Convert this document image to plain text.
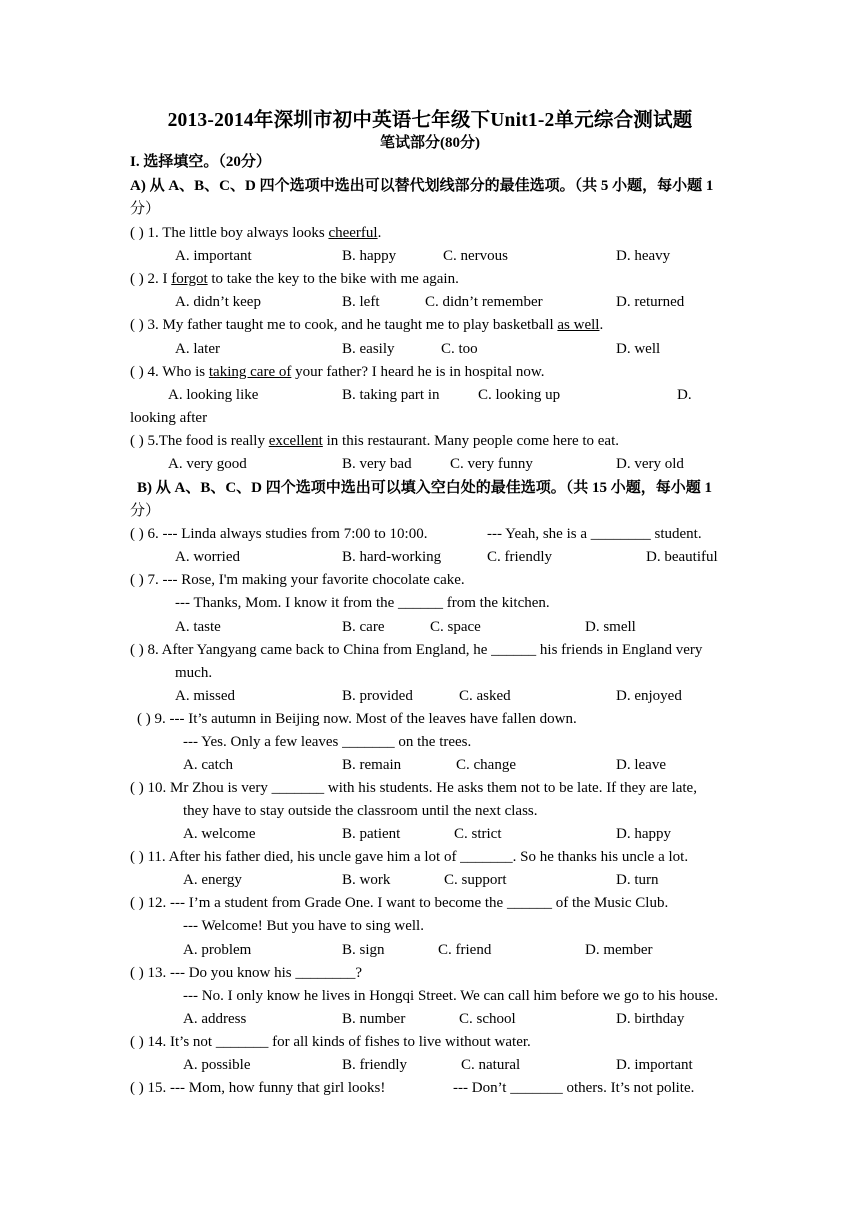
2013-2014年深圳市初中英语七年级下Unit1-2单元综合测试题
笔试部分(80分)
I. 选择填空。（20分）
A) 从 A、B、C、D 四个选项中选出可以替代划线部分的最佳选项。（共 5 小题，每小题 1
分）
( ) 1. The little boy always looks cheerful.
A. important	B. happy	C. nervous	D. heavy
( ) 2. I forgot to take the key to the bike with me again.
A. didn’t keep	B. left	C. didn’t remember	D. returned
( ) 3. My father taught me to cook, and he taught me to play basketball as well.
A. later	B. easily	C. too	D. well
( ) 4. Who is taking care of your father? I heard he is in hospital now.
A. looking like	B. taking part in	C. looking up	D.
looking after
( ) 5.The food is really excellent in this restaurant. Many people come here to eat.
A. very good	B. very bad	C. very funny	D. very old
B) 从 A、B、C、D 四个选项中选出可以填入空白处的最佳选项。（共 15 小题，每小题 1
分）
( ) 6. --- Linda always studies from 7:00 to 10:00.	--- Yeah, she is a ________ student.
A. worried	B. hard-working	C. friendly	D. beautiful
( ) 7. --- Rose, I'm making your favorite chocolate cake.
--- Thanks, Mom. I know it from the ______ from the kitchen.
A. taste	B. care	C. space	D. smell
( ) 8. After Yangyang came back to China from England, he ______ his friends in England very
much.
A. missed	B. provided	C. asked	D. enjoyed
( ) 9. --- It’s autumn in Beijing now. Most of the leaves have fallen down.
--- Yes. Only a few leaves _______ on the trees.
A. catch	B. remain	C. change	D. leave
( ) 10. Mr Zhou is very _______ with his students. He asks them not to be late. If they are late,
they have to stay outside the classroom until the next class.
A. welcome	B. patient	C. strict	D. happy
( ) 11. After his father died, his uncle gave him a lot of _______. So he thanks his uncle a lot.
A. energy	B. work	C. support	D. turn
( ) 12. --- I’m a student from Grade One. I want to become the ______ of the Music Club.
--- Welcome! But you have to sing well.
A. problem	B. sign	C. friend	D. member
( ) 13. --- Do you know his ________?
--- No. I only know he lives in Hongqi Street. We can call him before we go to his house.
A. address	B. number	C. school	D. birthday
( ) 14. It’s not _______ for all kinds of fishes to live without water.
A. possible	B. friendly	C. natural	D. important
( ) 15. --- Mom, how funny that girl looks!	--- Don’t _______ others. It’s not polite.
